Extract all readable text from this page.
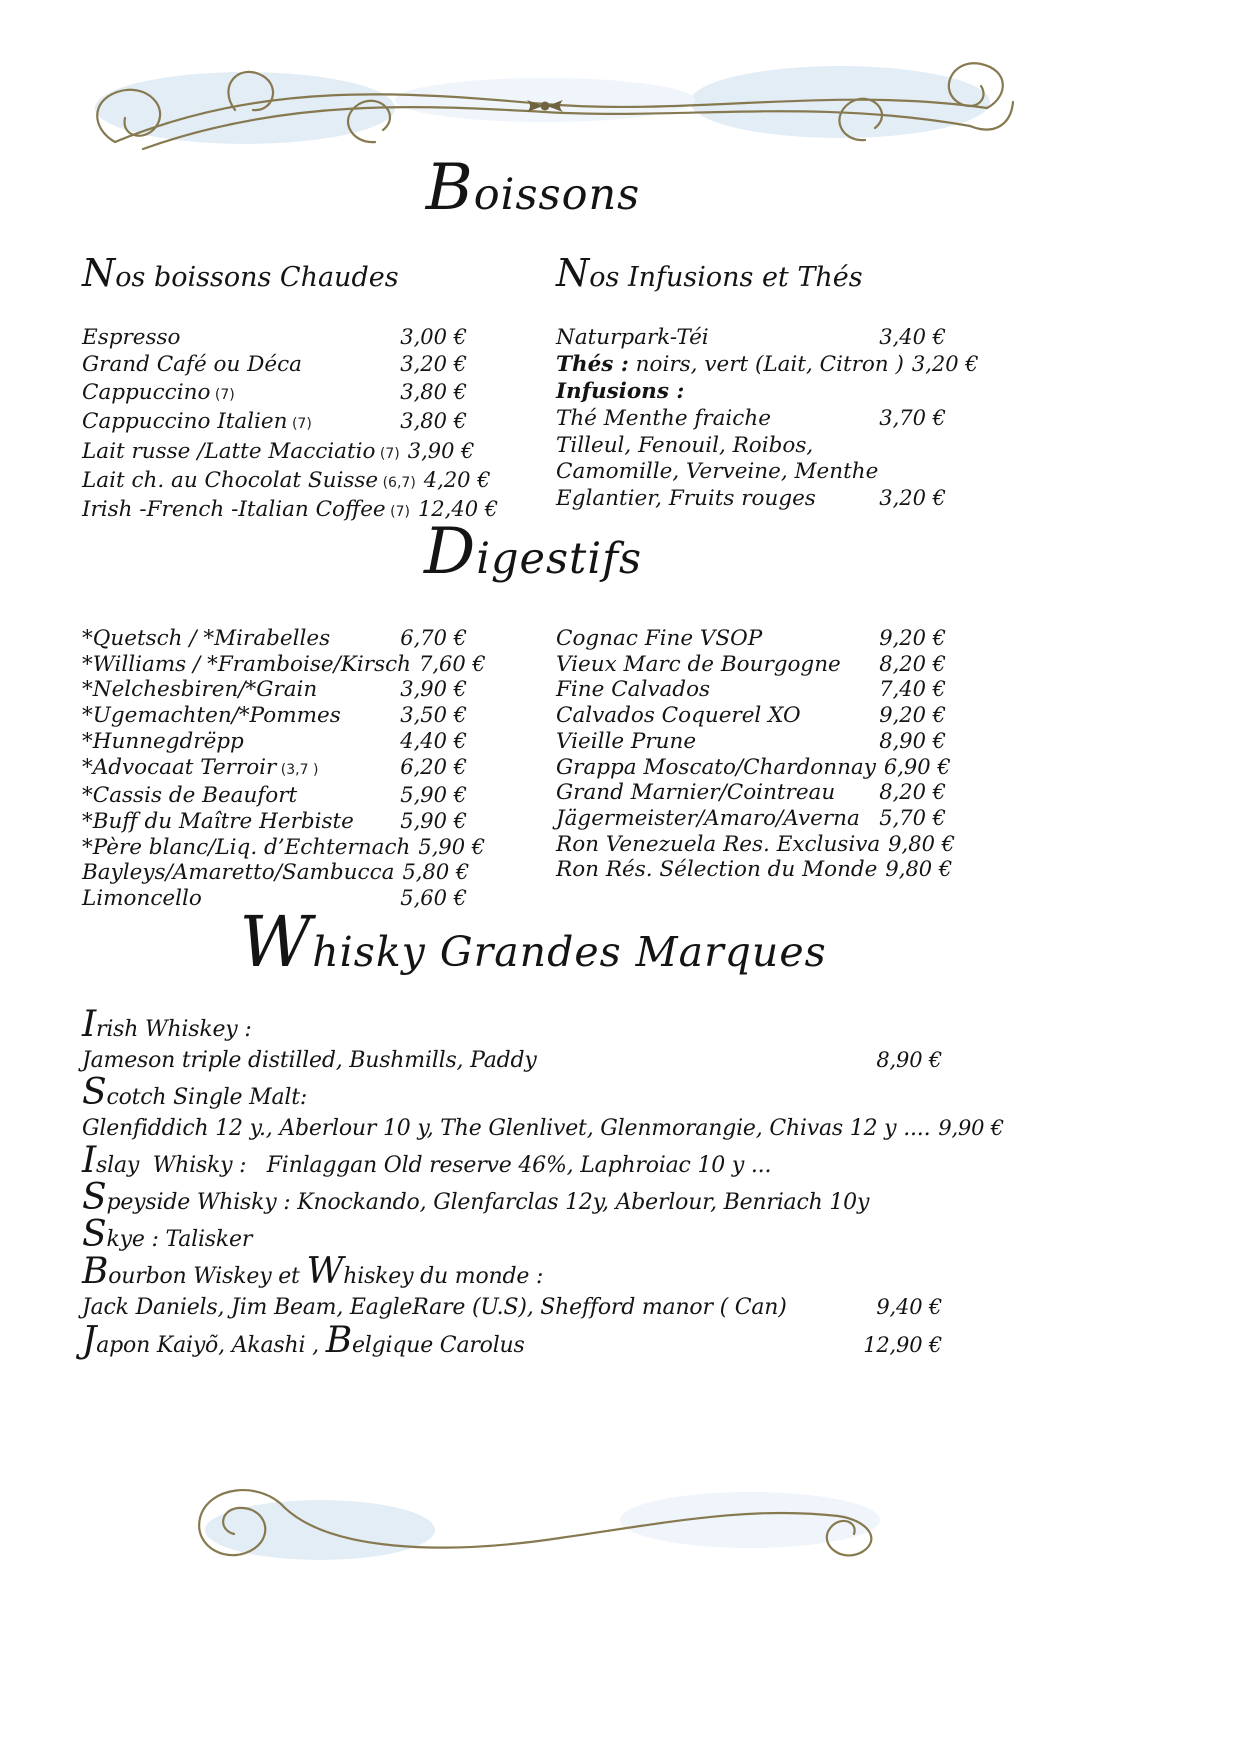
Boissons
Digestifs
Whisky Grandes Marques
Nos boissons Chaudes
Espresso	3,00 €
Grand Café ou Déca	3,20 €
Cappuccino (7)	3,80 €
Cappuccino Italien (7)	3,80 €
Lait russe /Latte Macciatio (7) 3,90 €
Lait ch. au Chocolat Suisse (6,7) 4,20 €
Irish -French -Italian Coffee (7) 12,40 €
Nos Infusions et Thés
Naturpark-Téi	3,40 €
Thés : noirs, vert (Lait, Citron ) 3,20 €
Infusions :
Thé Menthe fraiche	3,70 €
Tilleul, Fenouil, Roibos,
Camomille, Verveine, Menthe
Eglantier, Fruits rouges	3,20 €
*Quetsch / *Mirabelles	6,70 €
*Williams / *Framboise/Kirsch 7,60 €
*Nelchesbiren/*Grain	3,90 €
*Ugemachten/*Pommes	3,50 €
*Hunnegdrëpp	4,40 €
*Advocaat Terroir (3,7 )	6,20 €
*Cassis de Beaufort	5,90 €
*Buff du Maître Herbiste	5,90 €
*Père blanc/Liq. d’Echternach 5,90 €
Bayleys/Amaretto/Sambucca 5,80 €
Limoncello	5,60 €
Cognac Fine VSOP	9,20 €
Vieux Marc de Bourgogne	8,20 €
Fine Calvados	7,40 €
Calvados Coquerel XO	9,20 €
Vieille Prune	8,90 €
Grappa Moscato/Chardonnay 6,90 €
Grand Marnier/Cointreau	8,20 €
Jägermeister/Amaro/Averna 5,70 €
Ron Venezuela Res. Exclusiva 9,80 €
Ron Rés. Sélection du Monde 9,80 €
Irish Whiskey :
Jameson triple distilled, Bushmills, Paddy	8,90 €
Scotch Single Malt:
Glenfiddich 12 y., Aberlour 10 y, The Glenlivet, Glenmorangie, Chivas 12 y .... 9,90 €
Islay  Whisky :   Finlaggan Old reserve 46%, Laphroiac 10 y ...
Speyside Whisky : Knockando, Glenfarclas 12y, Aberlour, Benriach 10y
Skye : Talisker
Bourbon Wiskey et Whiskey du monde :
Jack Daniels, Jim Beam, EagleRare (U.S), Shefford manor ( Can)	9,40 €
Japon Kaiyõ, Akashi , Belgique Carolus	12,90 €
